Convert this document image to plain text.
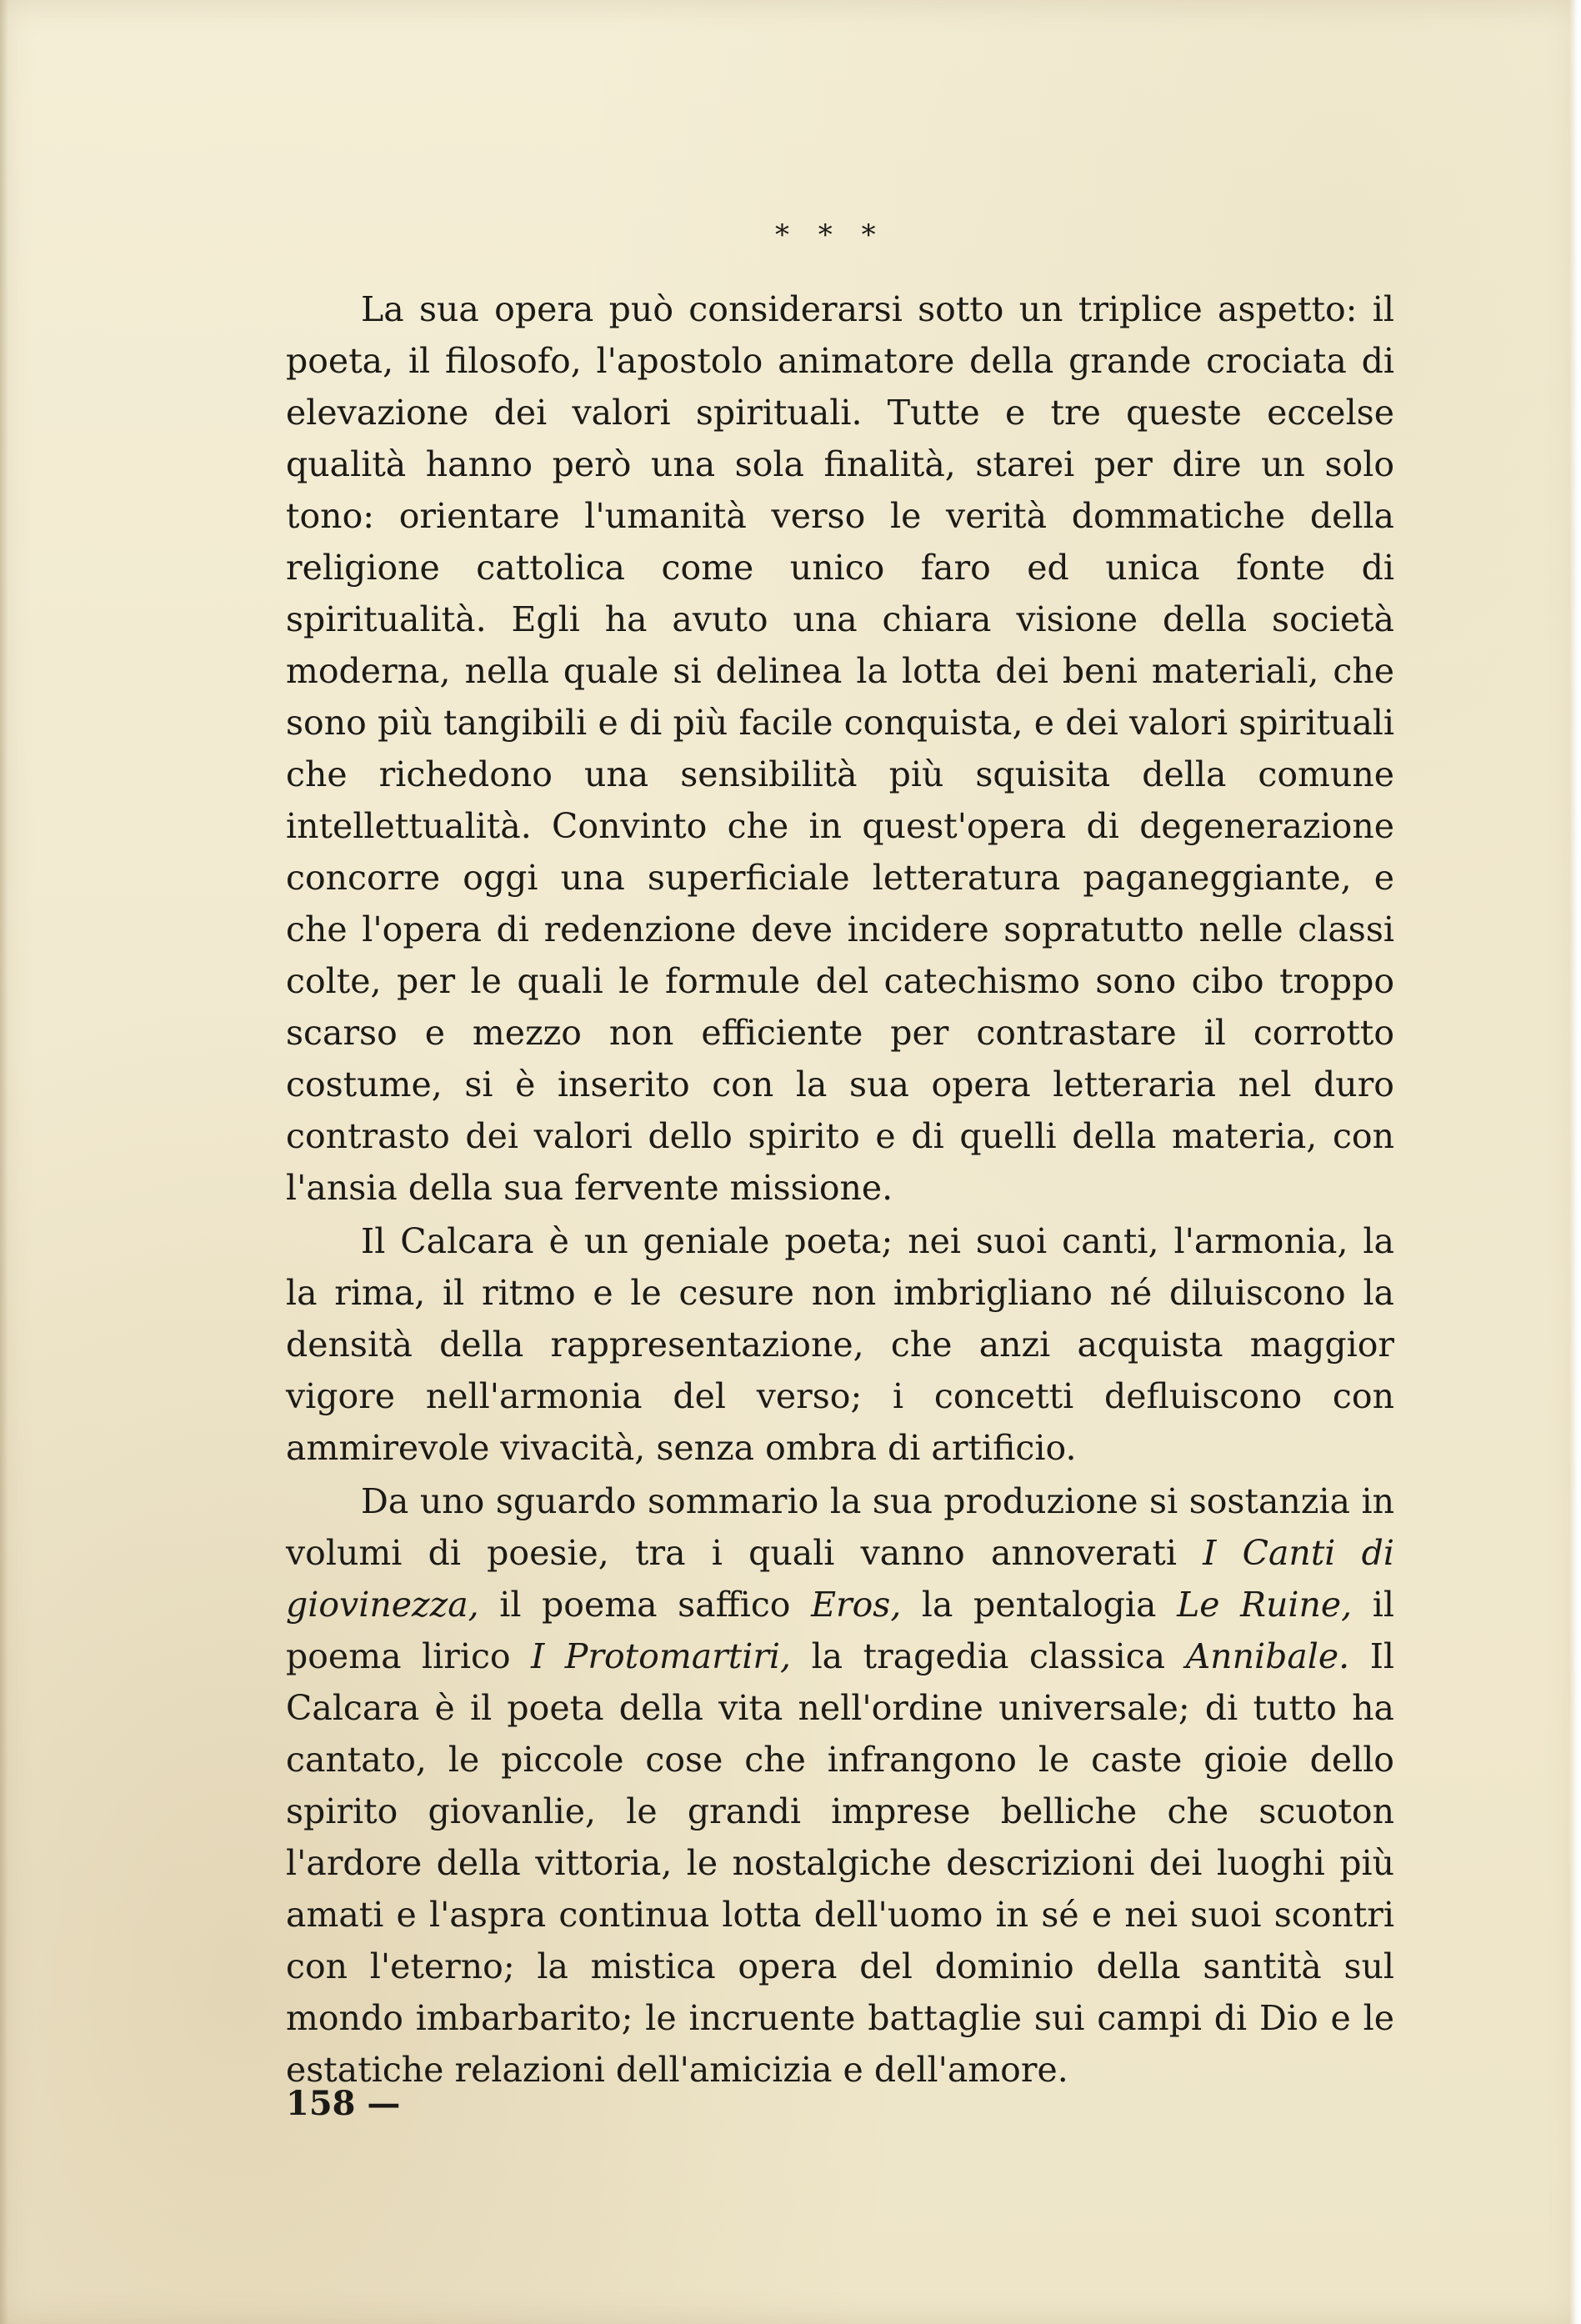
* * *

La sua opera può considerarsi sotto un triplice aspetto: il poeta, il filosofo, l'apostolo animatore della grande crociata di elevazione dei valori spirituali. Tutte e tre queste eccelse qualità hanno però una sola finalità, starei per dire un solo tono: orientare l'umanità verso le verità dommatiche della religione cattolica come unico faro ed unica fonte di spiritualità. Egli ha avuto una chiara visione della società moderna, nella quale si delinea la lotta dei beni materiali, che sono più tangibili e di più facile conquista, e dei valori spirituali che richedono una sensibilità più squisita della comune intellettualità. Convinto che in quest'opera di degenerazione concorre oggi una superficiale letteratura paganeggiante, e che l'opera di redenzione deve incidere sopratutto nelle classi colte, per le quali le formule del catechismo sono cibo troppo scarso e mezzo non efficiente per contrastare il corrotto costume, si è inserito con la sua opera letteraria nel duro contrasto dei valori dello spirito e di quelli della materia, con l'ansia della sua fervente missione.

Il Calcara è un geniale poeta; nei suoi canti, l'armonia, la la rima, il ritmo e le cesure non imbrigliano né diluiscono la densità della rappresentazione, che anzi acquista maggior vigore nell'armonia del verso; i concetti defluiscono con ammirevole vivacità, senza ombra di artificio.

Da uno sguardo sommario la sua produzione si sostanzia in volumi di poesie, tra i quali vanno annoverati I Canti di giovinezza, il poema saffico Eros, la pentalogia Le Ruine, il poema lirico I Protomartiri, la tragedia classica Annibale. Il Calcara è il poeta della vita nell'ordine universale; di tutto ha cantato, le piccole cose che infrangono le caste gioie dello spirito giovanlie, le grandi imprese belliche che scuoton l'ardore della vittoria, le nostalgiche descrizioni dei luoghi più amati e l'aspra continua lotta dell'uomo in sé e nei suoi scontri con l'eterno; la mistica opera del dominio della santità sul mondo imbarbarito; le incruente battaglie sui campi di Dio e le estatiche relazioni dell'amicizia e dell'amore.

158 —
